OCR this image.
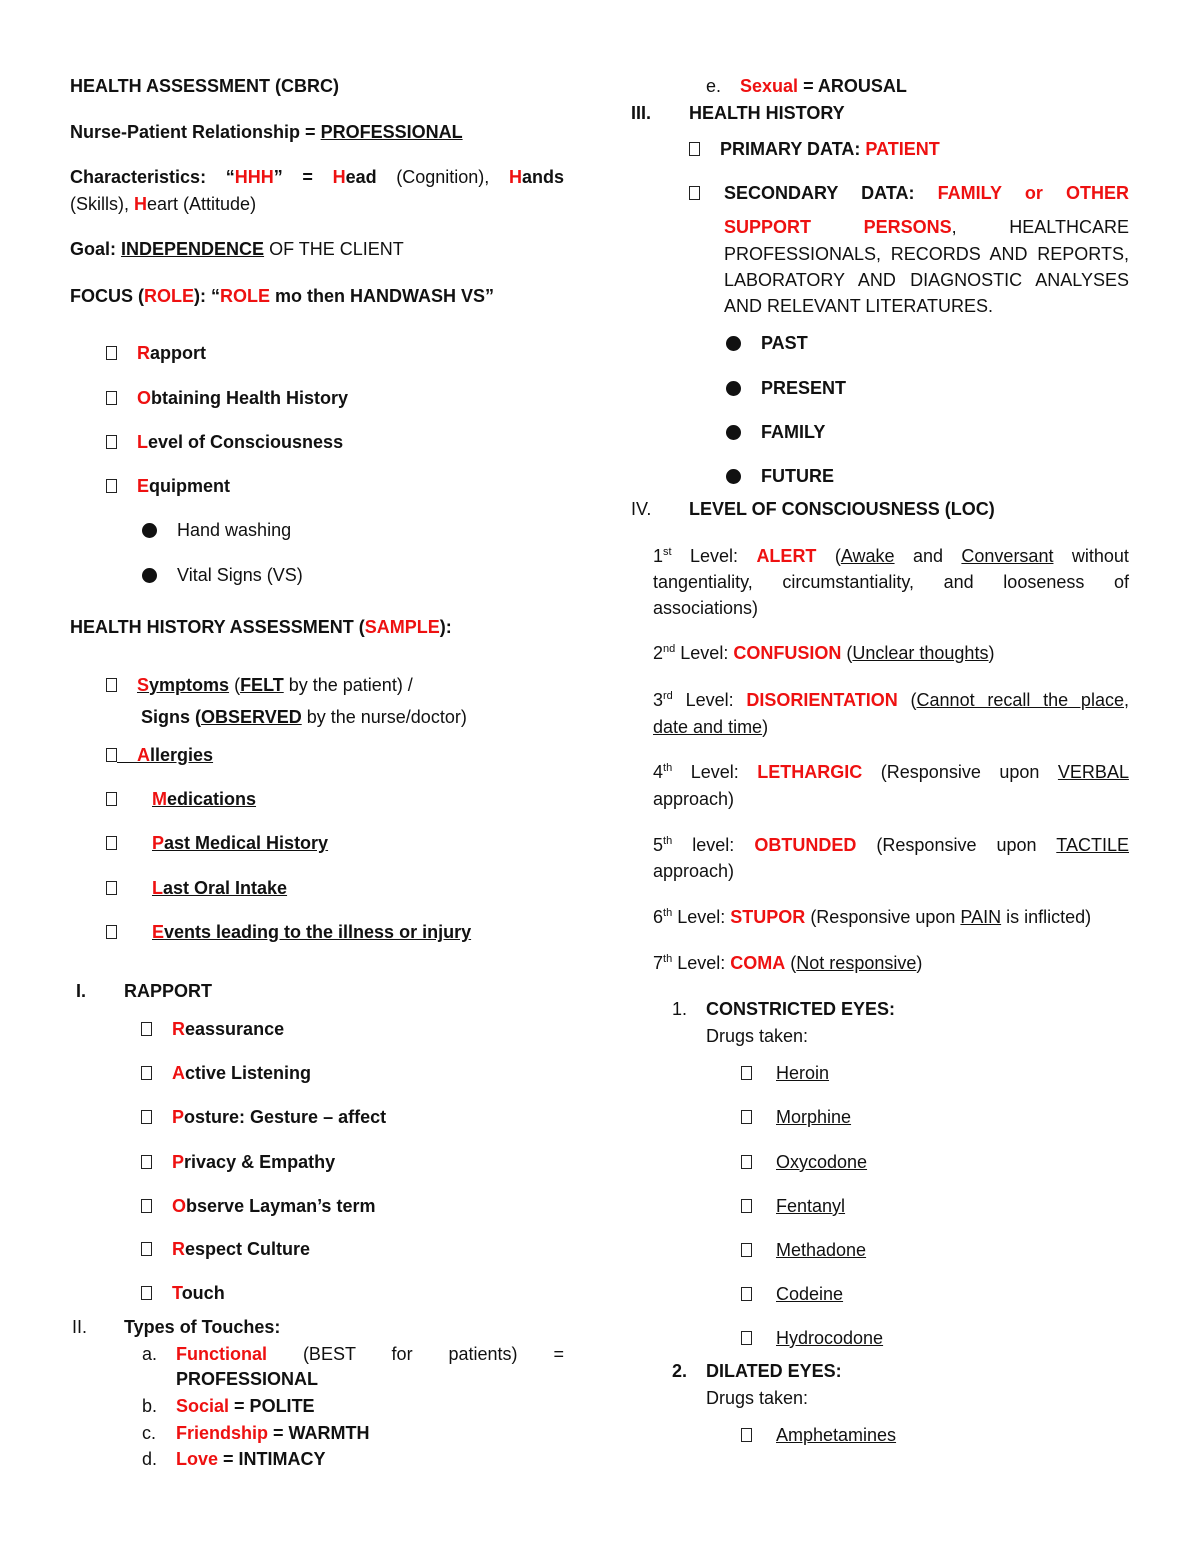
HEALTH ASSESSMENT (CBRC)
Nurse-Patient Relationship = PROFESSIONAL
Characteristics: “HHH” = Head (Cognition), Hands
(Skills), Heart (Attitude)
Goal: INDEPENDENCE OF THE CLIENT
FOCUS (ROLE): “ROLE mo then HANDWASH VS”
Rapport
Obtaining Health History
Level of Consciousness
Equipment
Hand washing
Vital Signs (VS)
HEALTH HISTORY ASSESSMENT (SAMPLE):
Symptoms (FELT by the patient) /
Signs (OBSERVED by the nurse/doctor)
Allergies
Medications
Past Medical History
Last Oral Intake
Events leading to the illness or injury
I. RAPPORT
Reassurance
Active Listening
Posture: Gesture – affect
Privacy & Empathy
Observe Layman’s term
Respect Culture
Touch
II. Types of Touches:
a. Functional (BEST for patients) =
PROFESSIONAL
b. Social = POLITE
c. Friendship = WARMTH
d. Love = INTIMACY
e. Sexual = AROUSAL
III. HEALTH HISTORY
PRIMARY DATA: PATIENT
SECONDARY DATA: FAMILY or OTHER
SUPPORT PERSONS, HEALTHCARE
PROFESSIONALS, RECORDS AND REPORTS,
LABORATORY AND DIAGNOSTIC ANALYSES
AND RELEVANT LITERATURES.
PAST
PRESENT
FAMILY
FUTURE
IV. LEVEL OF CONSCIOUSNESS (LOC)
1st Level: ALERT (Awake and Conversant without
tangentiality, circumstantiality, and looseness of
associations)
2nd Level: CONFUSION (Unclear thoughts)
3rd Level: DISORIENTATION (Cannot recall the place,
date and time)
4th Level: LETHARGIC (Responsive upon VERBAL
approach)
5th level: OBTUNDED (Responsive upon TACTILE
approach)
6th Level: STUPOR (Responsive upon PAIN is inflicted)
7th Level: COMA (Not responsive)
1. CONSTRICTED EYES:
Drugs taken:
Heroin
Morphine
Oxycodone
Fentanyl
Methadone
Codeine
Hydrocodone
2. DILATED EYES:
Drugs taken:
Amphetamines
